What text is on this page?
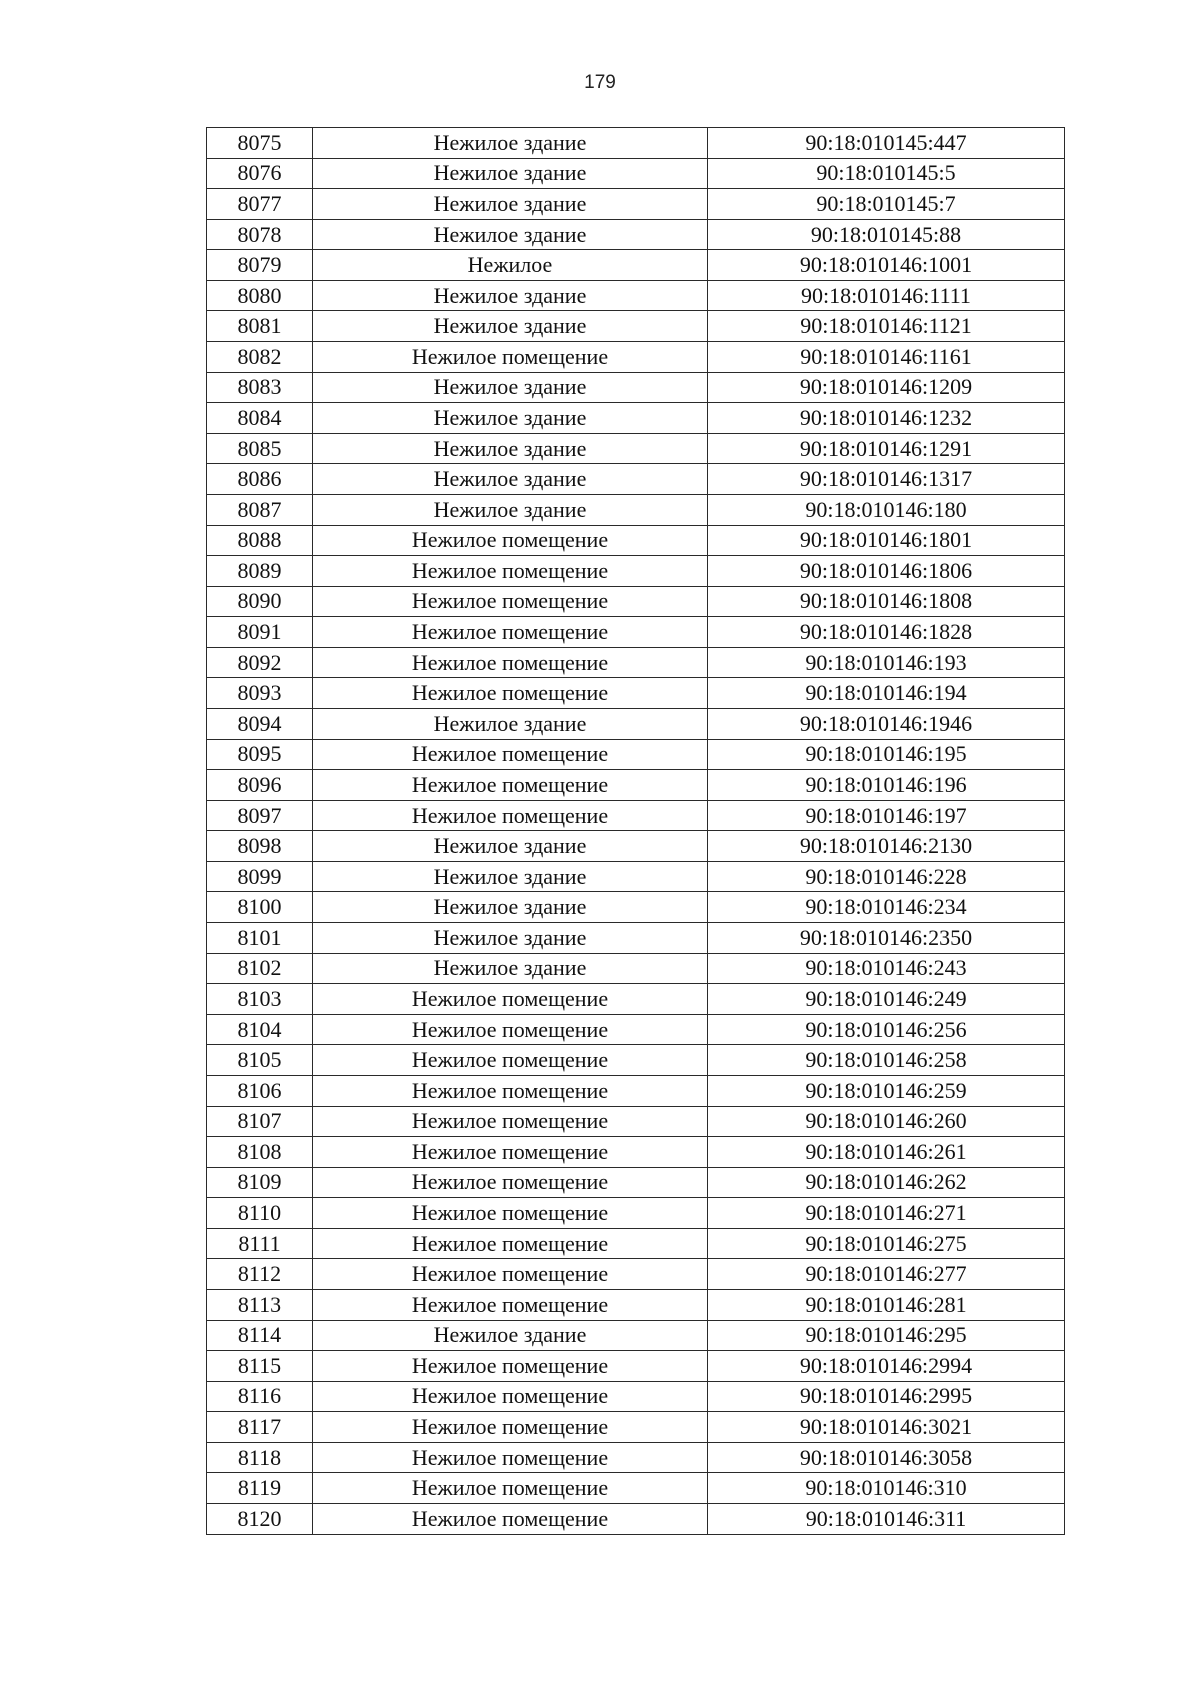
179
8075	Нежилое здание	90:18:010145:447
8076	Нежилое здание	90:18:010145:5
8077	Нежилое здание	90:18:010145:7
8078	Нежилое здание	90:18:010145:88
8079	Нежилое	90:18:010146:1001
8080	Нежилое здание	90:18:010146:1111
8081	Нежилое здание	90:18:010146:1121
8082	Нежилое помещение	90:18:010146:1161
8083	Нежилое здание	90:18:010146:1209
8084	Нежилое здание	90:18:010146:1232
8085	Нежилое здание	90:18:010146:1291
8086	Нежилое здание	90:18:010146:1317
8087	Нежилое здание	90:18:010146:180
8088	Нежилое помещение	90:18:010146:1801
8089	Нежилое помещение	90:18:010146:1806
8090	Нежилое помещение	90:18:010146:1808
8091	Нежилое помещение	90:18:010146:1828
8092	Нежилое помещение	90:18:010146:193
8093	Нежилое помещение	90:18:010146:194
8094	Нежилое здание	90:18:010146:1946
8095	Нежилое помещение	90:18:010146:195
8096	Нежилое помещение	90:18:010146:196
8097	Нежилое помещение	90:18:010146:197
8098	Нежилое здание	90:18:010146:2130
8099	Нежилое здание	90:18:010146:228
8100	Нежилое здание	90:18:010146:234
8101	Нежилое здание	90:18:010146:2350
8102	Нежилое здание	90:18:010146:243
8103	Нежилое помещение	90:18:010146:249
8104	Нежилое помещение	90:18:010146:256
8105	Нежилое помещение	90:18:010146:258
8106	Нежилое помещение	90:18:010146:259
8107	Нежилое помещение	90:18:010146:260
8108	Нежилое помещение	90:18:010146:261
8109	Нежилое помещение	90:18:010146:262
8110	Нежилое помещение	90:18:010146:271
8111	Нежилое помещение	90:18:010146:275
8112	Нежилое помещение	90:18:010146:277
8113	Нежилое помещение	90:18:010146:281
8114	Нежилое здание	90:18:010146:295
8115	Нежилое помещение	90:18:010146:2994
8116	Нежилое помещение	90:18:010146:2995
8117	Нежилое помещение	90:18:010146:3021
8118	Нежилое помещение	90:18:010146:3058
8119	Нежилое помещение	90:18:010146:310
8120	Нежилое помещение	90:18:010146:311
